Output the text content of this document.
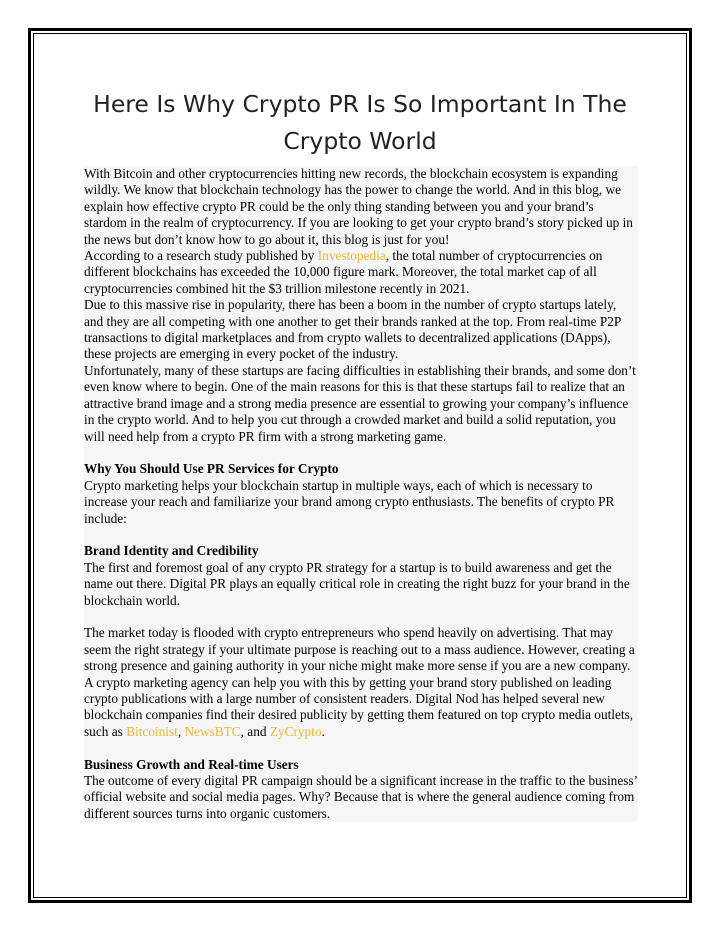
Here Is Why Crypto PR Is So Important In The Crypto World

With Bitcoin and other cryptocurrencies hitting new records, the blockchain ecosystem is expanding wildly. We know that blockchain technology has the power to change the world. And in this blog, we explain how effective crypto PR could be the only thing standing between you and your brand’s stardom in the realm of cryptocurrency. If you are looking to get your crypto brand’s story picked up in the news but don’t know how to go about it, this blog is just for you!

According to a research study published by Investopedia, the total number of cryptocurrencies on different blockchains has exceeded the 10,000 figure mark. Moreover, the total market cap of all cryptocurrencies combined hit the $3 trillion milestone recently in 2021.

Due to this massive rise in popularity, there has been a boom in the number of crypto startups lately, and they are all competing with one another to get their brands ranked at the top. From real-time P2P transactions to digital marketplaces and from crypto wallets to decentralized applications (DApps), these projects are emerging in every pocket of the industry.

Unfortunately, many of these startups are facing difficulties in establishing their brands, and some don’t even know where to begin. One of the main reasons for this is that these startups fail to realize that an attractive brand image and a strong media presence are essential to growing your company’s influence in the crypto world. And to help you cut through a crowded market and build a solid reputation, you will need help from a crypto PR firm with a strong marketing game.

Why You Should Use PR Services for Crypto

Crypto marketing helps your blockchain startup in multiple ways, each of which is necessary to increase your reach and familiarize your brand among crypto enthusiasts. The benefits of crypto PR include:

Brand Identity and Credibility

The first and foremost goal of any crypto PR strategy for a startup is to build awareness and get the name out there. Digital PR plays an equally critical role in creating the right buzz for your brand in the blockchain world.

The market today is flooded with crypto entrepreneurs who spend heavily on advertising. That may seem the right strategy if your ultimate purpose is reaching out to a mass audience. However, creating a strong presence and gaining authority in your niche might make more sense if you are a new company. A crypto marketing agency can help you with this by getting your brand story published on leading crypto publications with a large number of consistent readers. Digital Nod has helped several new blockchain companies find their desired publicity by getting them featured on top crypto media outlets, such as Bitcoinist, NewsBTC, and ZyCrypto.

Business Growth and Real-time Users

The outcome of every digital PR campaign should be a significant increase in the traffic to the business’ official website and social media pages. Why? Because that is where the general audience coming from different sources turns into organic customers.
